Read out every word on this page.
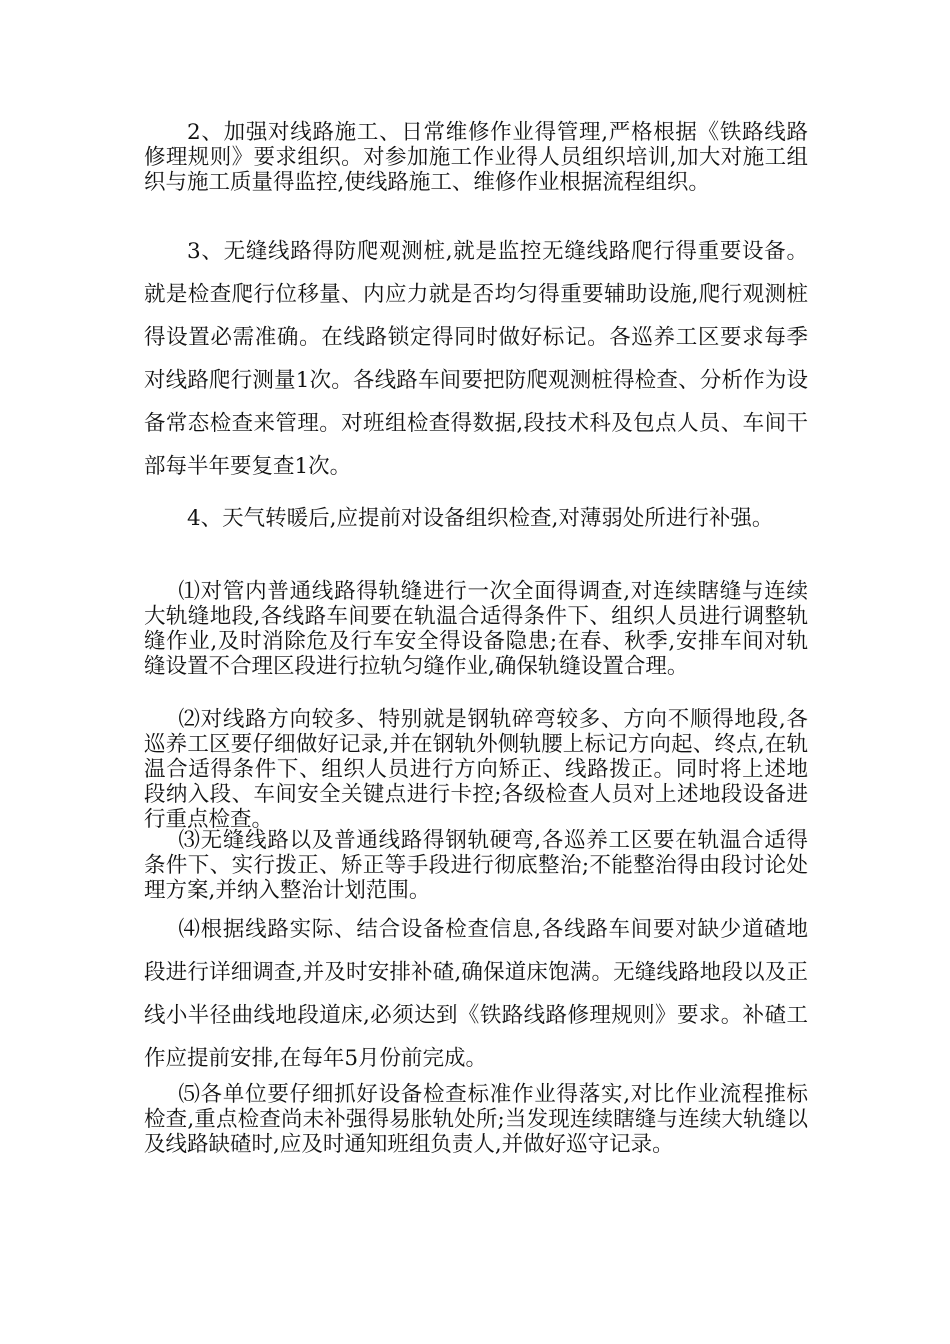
2、加强对线路施工、日常维修作业得管理,严格根据《铁路线路修理规则》要求组织。对参加施工作业得人员组织培训,加大对施工组织与施工质量得监控,使线路施工、维修作业根据流程组织。

3、无缝线路得防爬观测桩,就是监控无缝线路爬行得重要设备。就是检查爬行位移量、内应力就是否均匀得重要辅助设施,爬行观测桩得设置必需准确。在线路锁定得同时做好标记。各巡养工区要求每季对线路爬行测量1次。各线路车间要把防爬观测桩得检查、分析作为设备常态检查来管理。对班组检查得数据,段技术科及包点人员、车间干部每半年要复查1次。

4、天气转暖后,应提前对设备组织检查,对薄弱处所进行补强。

⑴对管内普通线路得轨缝进行一次全面得调查,对连续瞎缝与连续大轨缝地段,各线路车间要在轨温合适得条件下、组织人员进行调整轨缝作业,及时消除危及行车安全得设备隐患;在春、秋季,安排车间对轨缝设置不合理区段进行拉轨匀缝作业,确保轨缝设置合理。

⑵对线路方向较多、特别就是钢轨碎弯较多、方向不顺得地段,各巡养工区要仔细做好记录,并在钢轨外侧轨腰上标记方向起、终点,在轨温合适得条件下、组织人员进行方向矫正、线路拨正。同时将上述地段纳入段、车间安全关键点进行卡控;各级检查人员对上述地段设备进行重点检查。

⑶无缝线路以及普通线路得钢轨硬弯,各巡养工区要在轨温合适得条件下、实行拨正、矫正等手段进行彻底整治;不能整治得由段讨论处理方案,并纳入整治计划范围。

⑷根据线路实际、结合设备检查信息,各线路车间要对缺少道碴地段进行详细调查,并及时安排补碴,确保道床饱满。无缝线路地段以及正线小半径曲线地段道床,必须达到《铁路线路修理规则》要求。补碴工作应提前安排,在每年5月份前完成。

⑸各单位要仔细抓好设备检查标准作业得落实,对比作业流程推标检查,重点检查尚未补强得易胀轨处所;当发现连续瞎缝与连续大轨缝以及线路缺碴时,应及时通知班组负责人,并做好巡守记录。
